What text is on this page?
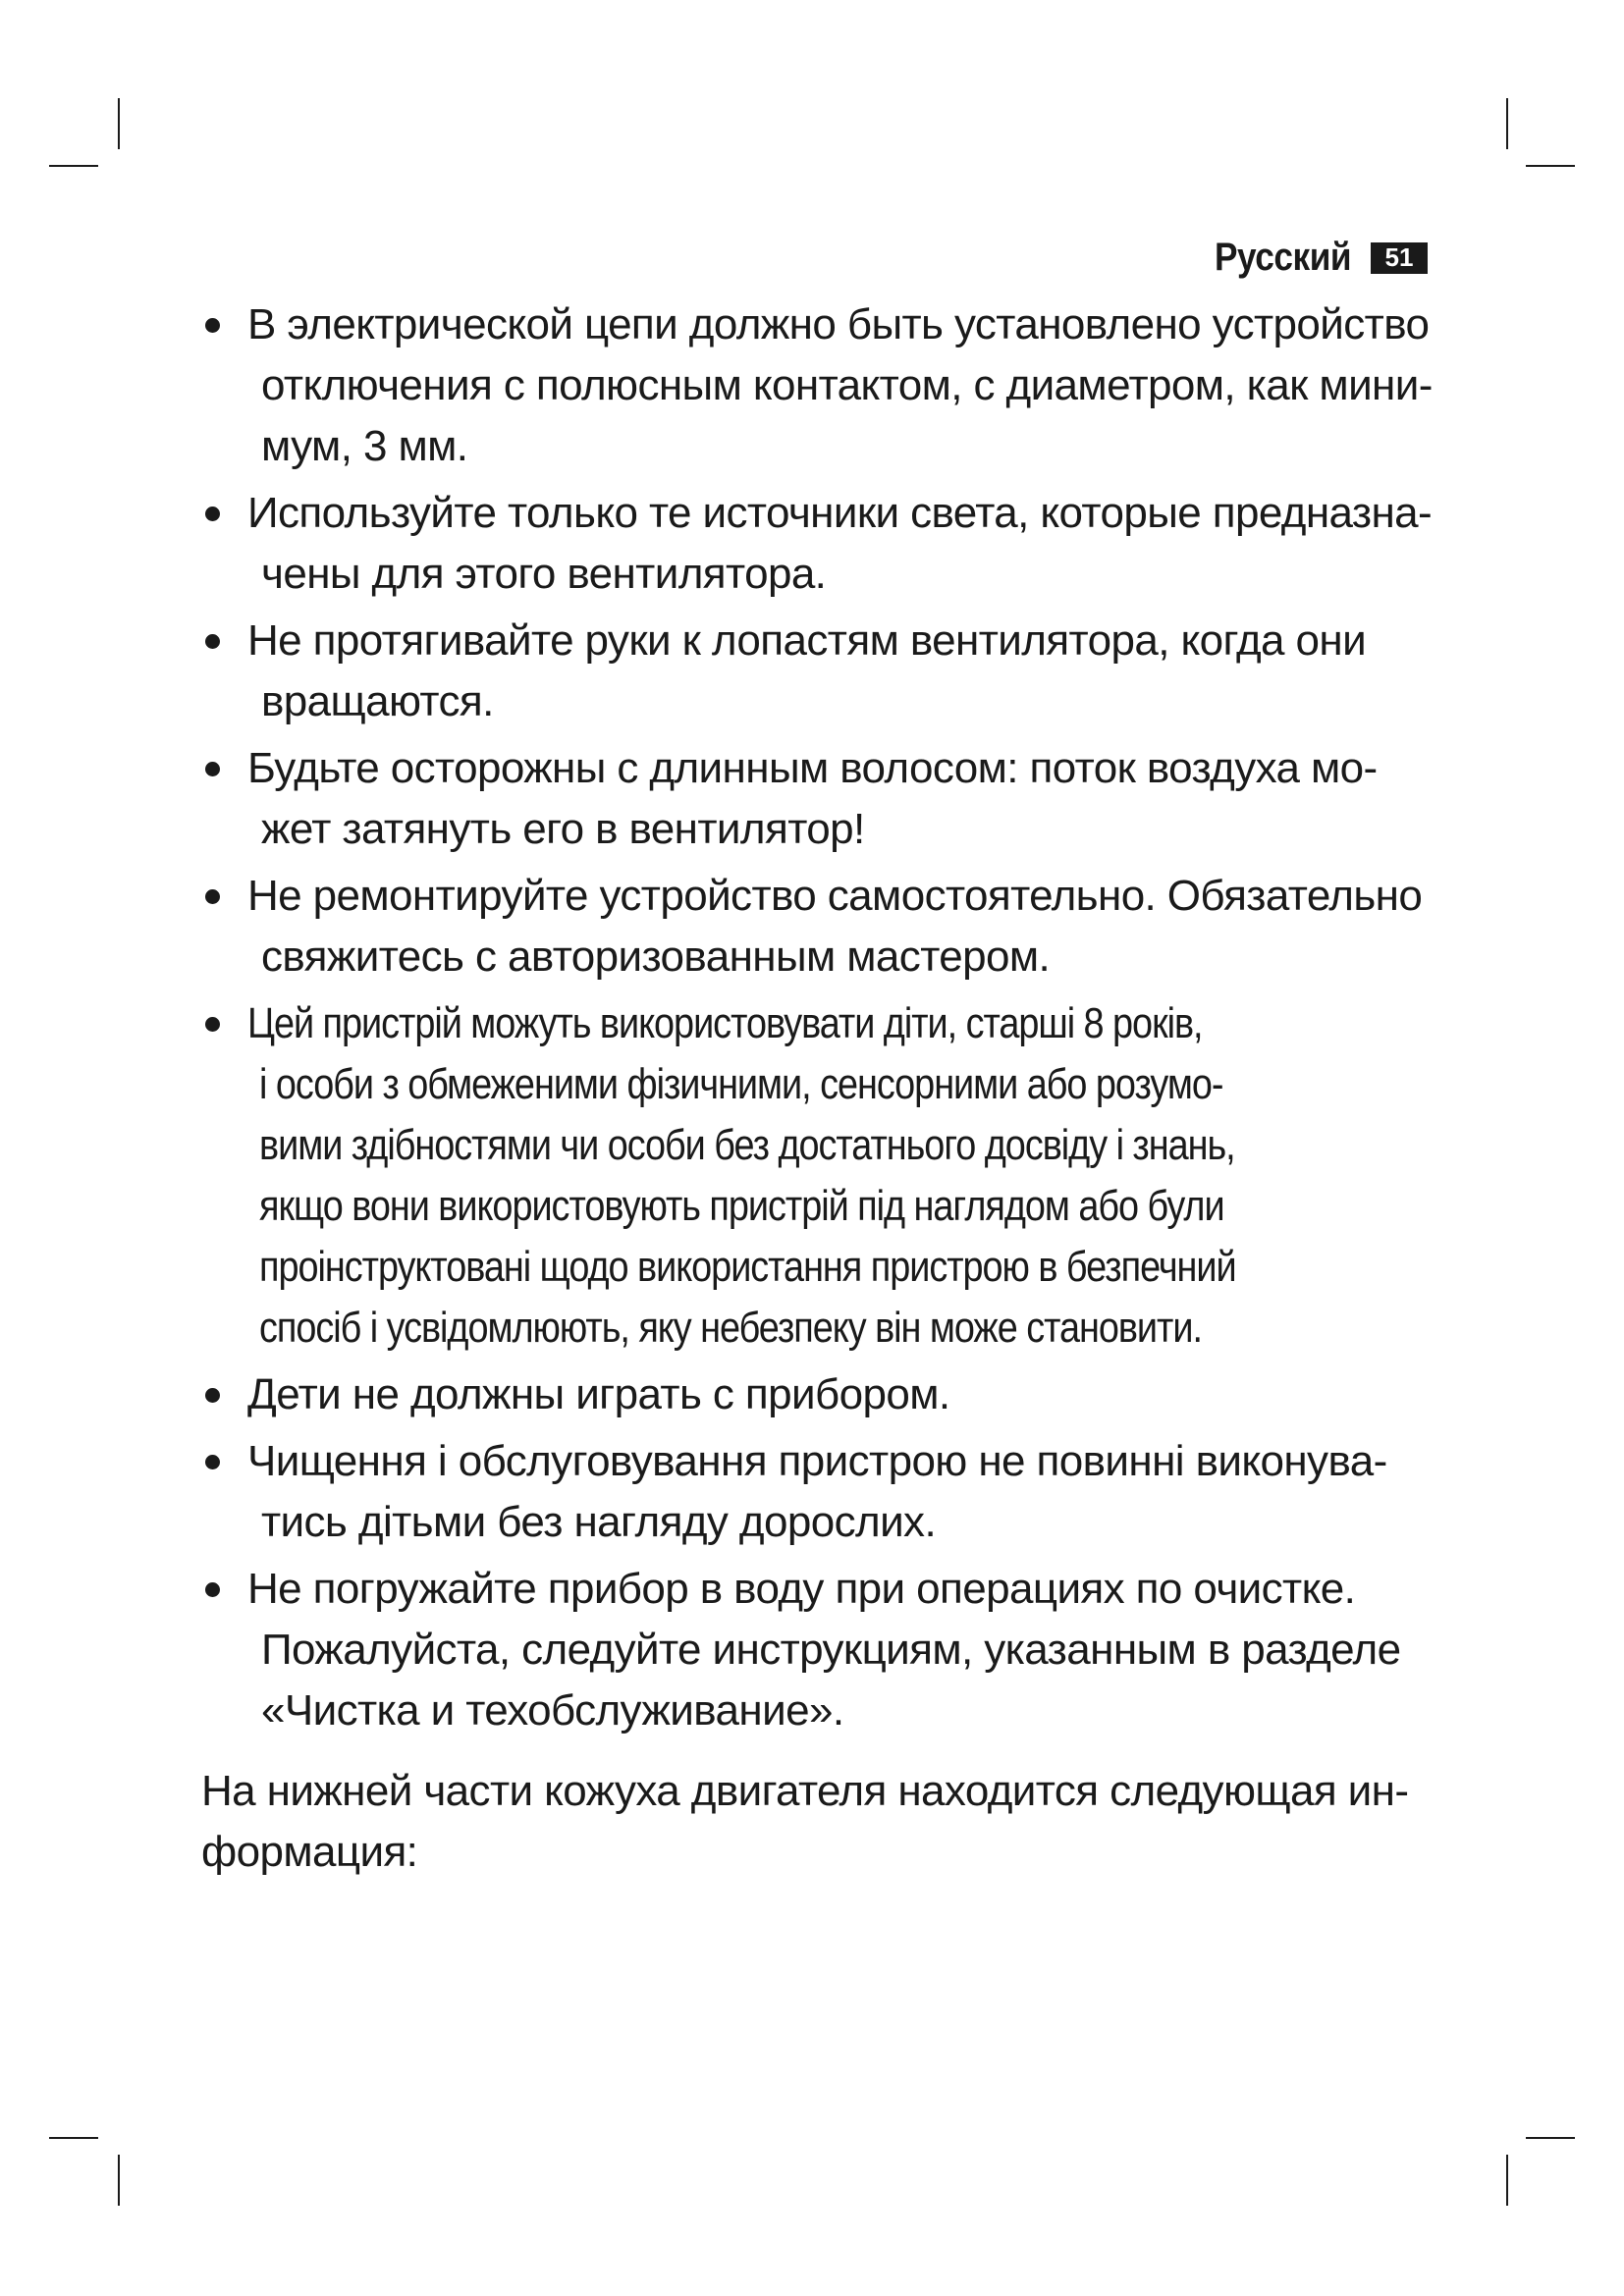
Русский	51
В электрической цепи должно быть установлено устройство
отключения с полюсным контактом, с диаметром, как мини-
мум, 3 мм.
Используйте только те источники света, которые предназна-
чены для этого вентилятора.
Не протягивайте руки к лопастям вентилятора, когда они
вращаются.
Будьте осторожны с длинным волосом: поток воздуха мо-
жет затянуть его в вентилятор!
Не ремонтируйте устройство самостоятельно. Обязательно
свяжитесь с авторизованным мастером.
Цей пристрій можуть використовувати діти, старші 8 років,
і особи з обмеженими фізичними, сенсорними або розумо-
вими здібностями чи особи без достатнього досвіду і знань,
якщо вони використовують пристрій під наглядом або були
проінструктовані щодо використання пристрою в безпечний
спосіб і усвідомлюють, яку небезпеку він може становити.
Дети не должны играть с прибором.
Чищення і обслуговування пристрою не повинні виконува-
тись дітьми без нагляду дорослих.
Не погружайте прибор в воду при операциях по очистке.
Пожалуйста, следуйте инструкциям, указанным в разделе
«Чистка и техобслуживание».

На нижней части кожуха двигателя находится следующая ин-
формация:
